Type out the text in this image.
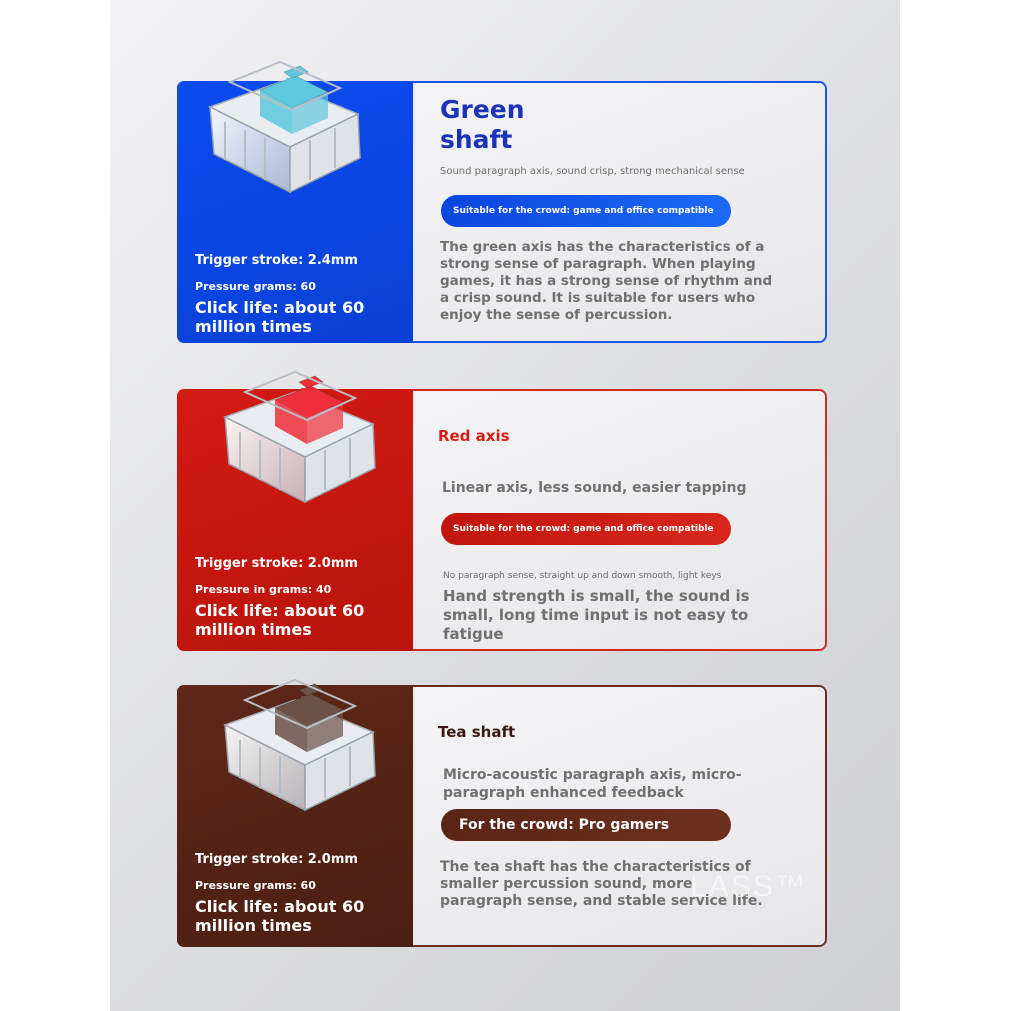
Trigger stroke: 2.4mm
Pressure grams: 60
Click life: about 60 million times
Green
shaft
Sound paragraph axis, sound crisp, strong mechanical sense
Suitable for the crowd: game and office compatible
The green axis has the characteristics of a strong sense of paragraph. When playing games, it has a strong sense of rhythm and a crisp sound. It is suitable for users who enjoy the sense of percussion.
Trigger stroke: 2.0mm
Pressure in grams: 40
Click life: about 60 million times
Red axis
Linear axis, less sound, easier tapping
Suitable for the crowd: game and office compatible
No paragraph sense, straight up and down smooth, light keys
Hand strength is small, the sound is small, long time input is not easy to fatigue
Trigger stroke: 2.0mm
Pressure grams: 60
Click life: about 60 million times
Tea shaft
Micro-acoustic paragraph axis, micro-paragraph enhanced feedback
For the crowd: Pro gamers
The tea shaft has the characteristics of smaller percussion sound, more paragraph sense, and stable service life.
LASS™
